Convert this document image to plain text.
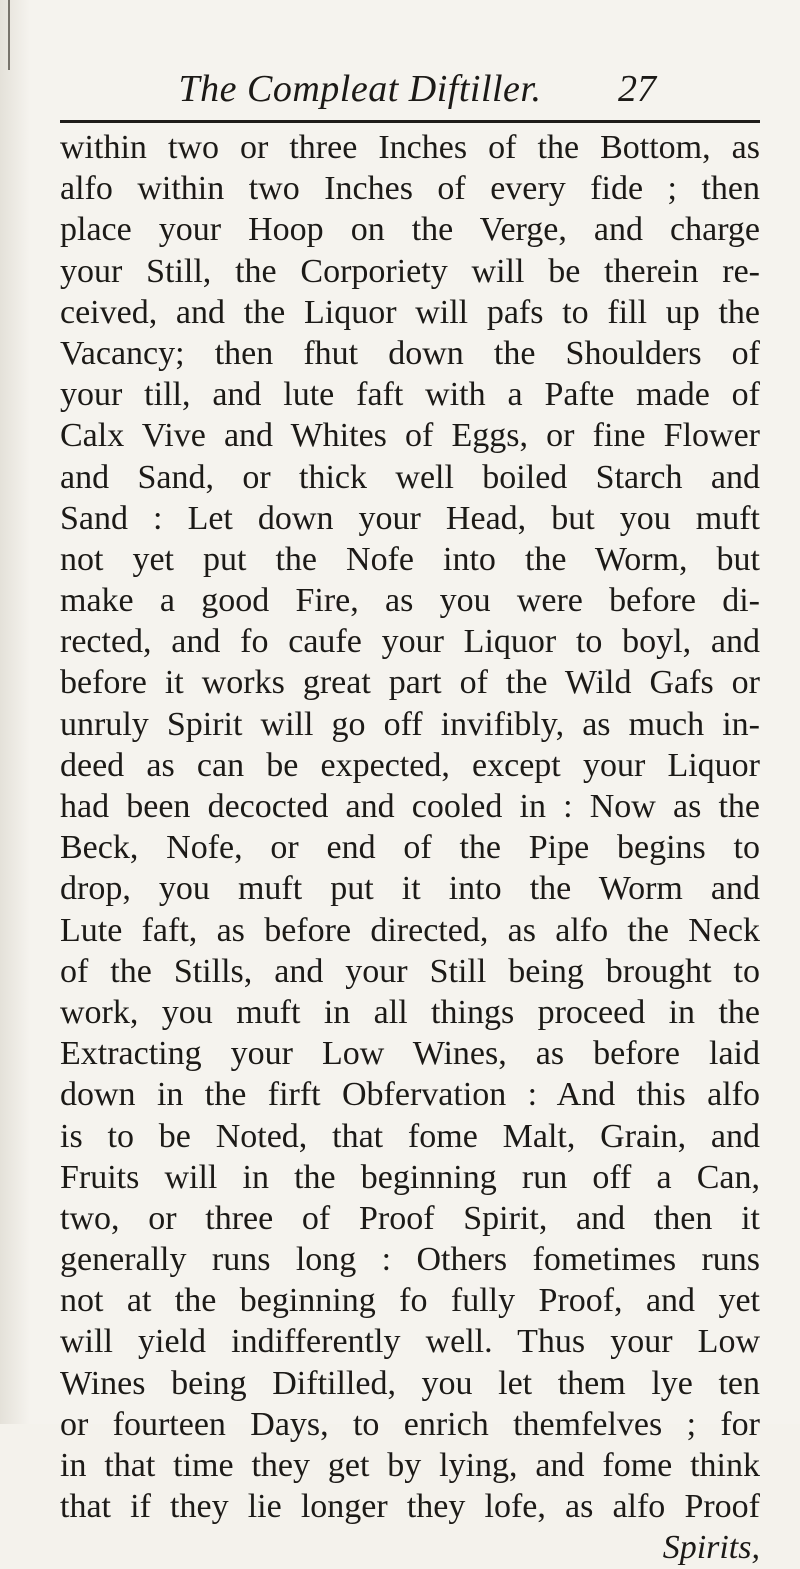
The Compleat Diftiller.	27
within two or three Inches of the Bottom, as
alfo within two Inches of every fide ; then
place your Hoop on the Verge, and charge
your Still, the Corporiety will be therein re-
ceived, and the Liquor will pafs to fill up the
Vacancy; then fhut down the Shoulders of
your till, and lute faft with a Pafte made of
Calx Vive and Whites of Eggs, or fine Flower
and Sand, or thick well boiled Starch and
Sand : Let down your Head, but you muft
not yet put the Nofe into the Worm, but
make a good Fire, as you were before di-
rected, and fo caufe your Liquor to boyl, and
before it works great part of the Wild Gafs or
unruly Spirit will go off invifibly, as much in-
deed as can be expected, except your Liquor
had been decocted and cooled in : Now as the
Beck, Nofe, or end of the Pipe begins to
drop, you muft put it into the Worm and
Lute faft, as before directed, as alfo the Neck
of the Stills, and your Still being brought to
work, you muft in all things proceed in the
Extracting your Low Wines, as before laid
down in the firft Obfervation : And this alfo
is to be Noted, that fome Malt, Grain, and
Fruits will in the beginning run off a Can,
two, or three of Proof Spirit, and then it
generally runs long : Others fometimes runs
not at the beginning fo fully Proof, and yet
will yield indifferently well. Thus your Low
Wines being Diftilled, you let them lye ten
or fourteen Days, to enrich themfelves ; for
in that time they get by lying, and fome think
that if they lie longer they lofe, as alfo Proof
Spirits,
